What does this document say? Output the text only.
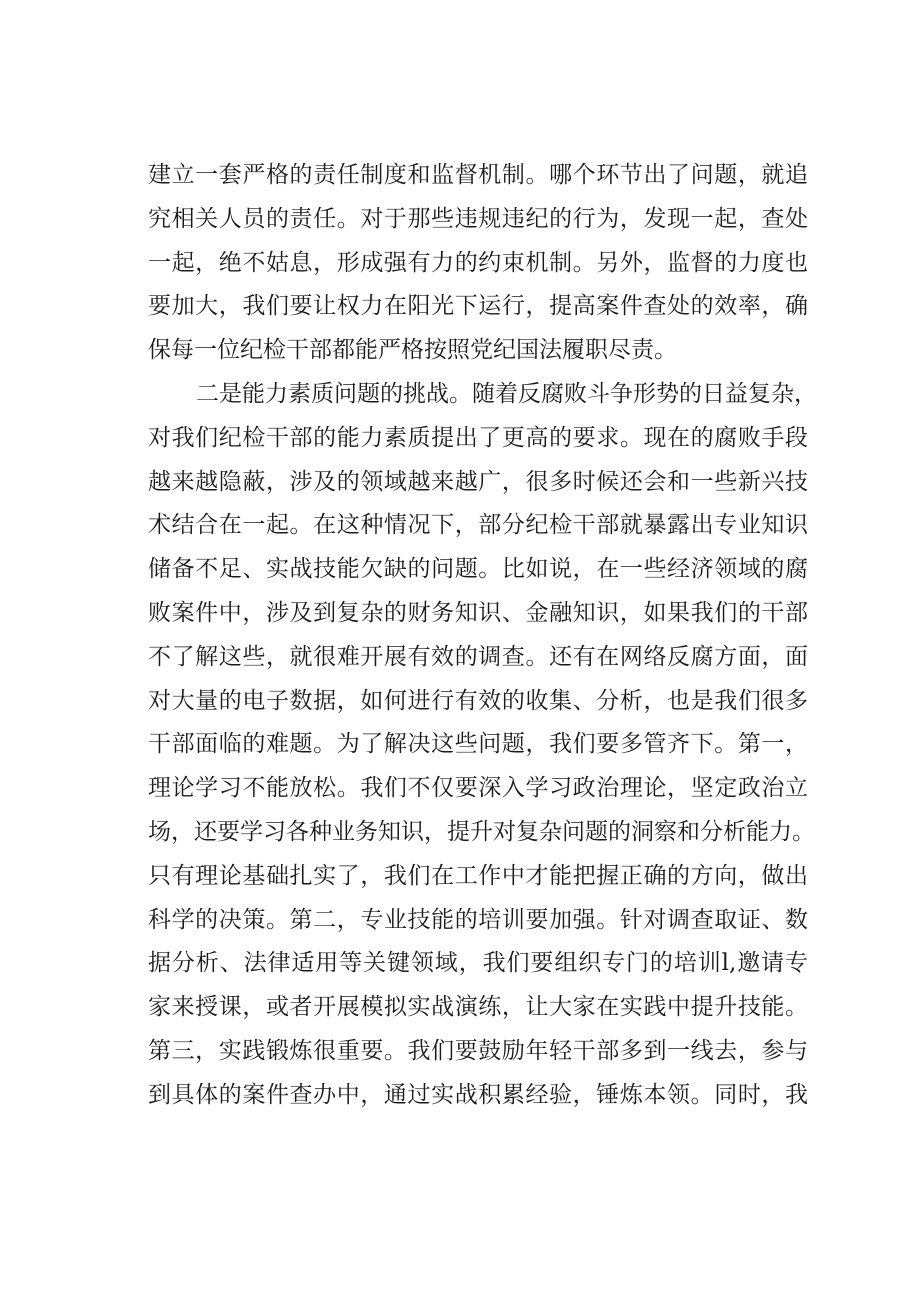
建立一套严格的责任制度和监督机制。哪个环节出了问题，就追
究相关人员的责任。对于那些违规违纪的行为，发现一起，查处
一起，绝不姑息，形成强有力的约束机制。另外，监督的力度也
要加大，我们要让权力在阳光下运行，提高案件查处的效率，确
保每一位纪检干部都能严格按照党纪国法履职尽责。
二是能力素质问题的挑战。随着反腐败斗争形势的日益复杂，
对我们纪检干部的能力素质提出了更高的要求。现在的腐败手段
越来越隐蔽，涉及的领域越来越广，很多时候还会和一些新兴技
术结合在一起。在这种情况下，部分纪检干部就暴露出专业知识
储备不足、实战技能欠缺的问题。比如说，在一些经济领域的腐
败案件中，涉及到复杂的财务知识、金融知识，如果我们的干部
不了解这些，就很难开展有效的调查。还有在网络反腐方面，面
对大量的电子数据，如何进行有效的收集、分析，也是我们很多
干部面临的难题。为了解决这些问题，我们要多管齐下。第一，
理论学习不能放松。我们不仅要深入学习政治理论，坚定政治立
场，还要学习各种业务知识，提升对复杂问题的洞察和分析能力。
只有理论基础扎实了，我们在工作中才能把握正确的方向，做出
科学的决策。第二，专业技能的培训要加强。针对调查取证、数
据分析、法律适用等关键领域，我们要组织专门的培训l,邀请专
家来授课，或者开展模拟实战演练，让大家在实践中提升技能。
第三，实践锻炼很重要。我们要鼓励年轻干部多到一线去，参与
到具体的案件查办中，通过实战积累经验，锤炼本领。同时，我
